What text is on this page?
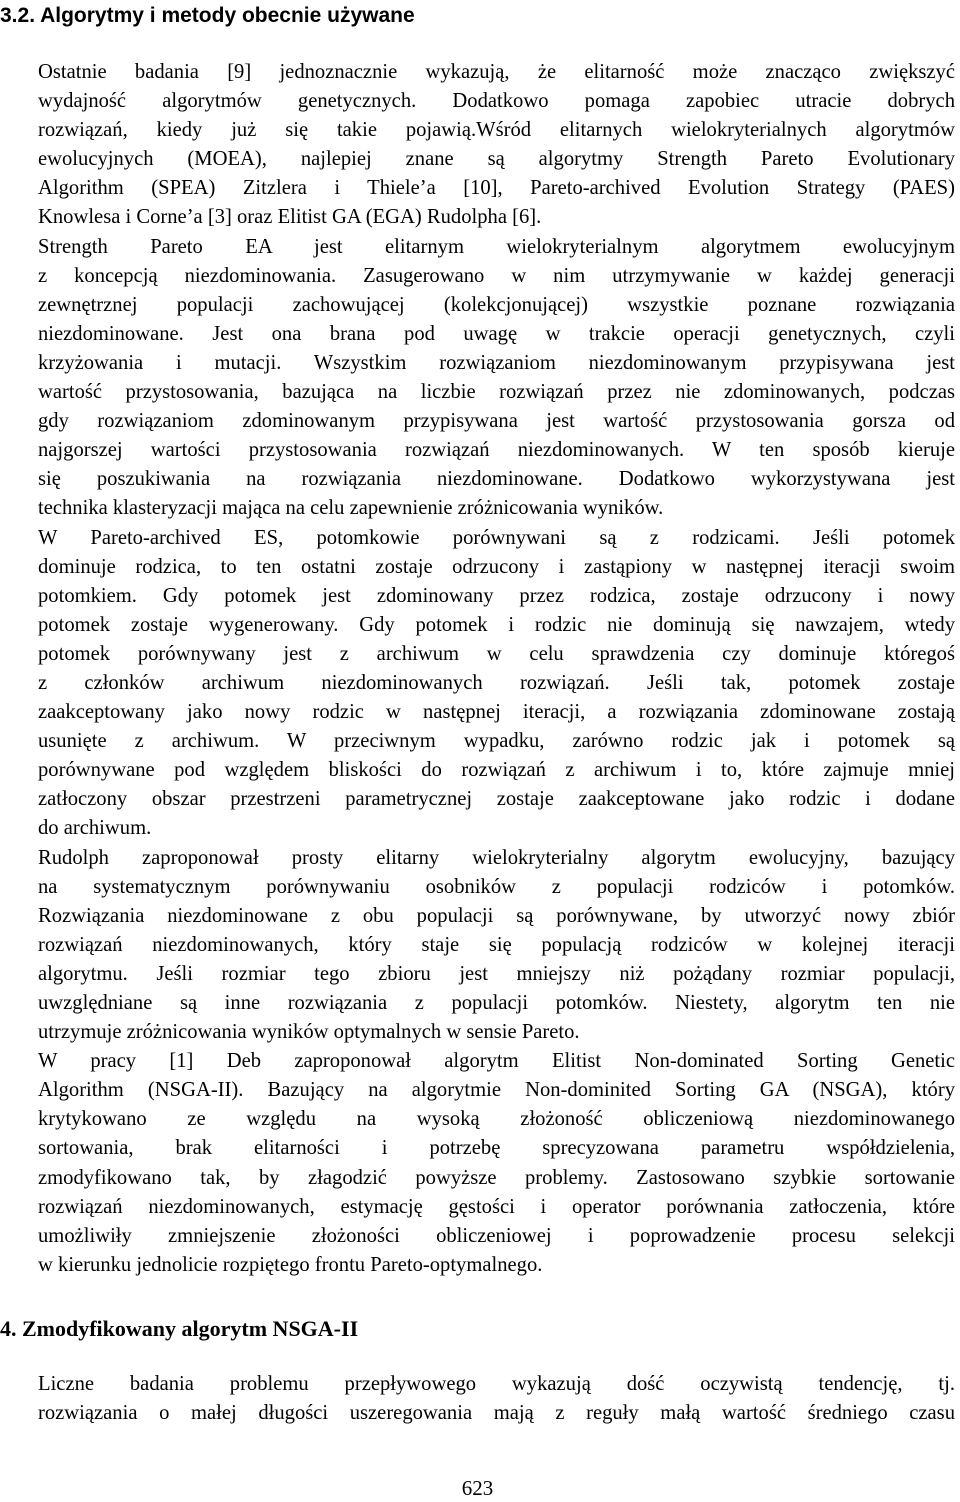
3.2. Algorytmy i metody obecnie używane

Ostatnie badania [9] jednoznacznie wykazują, że elitarność może znacząco zwiększyć
wydajność algorytmów genetycznych. Dodatkowo pomaga zapobiec utracie dobrych
rozwiązań, kiedy już się takie pojawią.Wśród elitarnych wielokryterialnych algorytmów
ewolucyjnych (MOEA), najlepiej znane są algorytmy Strength Pareto Evolutionary
Algorithm (SPEA) Zitzlera i Thiele’a [10], Pareto-archived Evolution Strategy (PAES)
Knowlesa i Corne’a [3] oraz Elitist GA (EGA) Rudolpha [6].

Strength Pareto EA jest elitarnym wielokryterialnym algorytmem ewolucyjnym
z koncepcją niezdominowania. Zasugerowano w nim utrzymywanie w każdej generacji
zewnętrznej populacji zachowującej (kolekcjonującej) wszystkie poznane rozwiązania
niezdominowane. Jest ona brana pod uwagę w trakcie operacji genetycznych, czyli
krzyżowania i mutacji. Wszystkim rozwiązaniom niezdominowanym przypisywana jest
wartość przystosowania, bazująca na liczbie rozwiązań przez nie zdominowanych, podczas
gdy rozwiązaniom zdominowanym przypisywana jest wartość przystosowania gorsza od
najgorszej wartości przystosowania rozwiązań niezdominowanych. W ten sposób kieruje
się poszukiwania na rozwiązania niezdominowane. Dodatkowo wykorzystywana jest
technika klasteryzacji mająca na celu zapewnienie zróżnicowania wyników.

W Pareto-archived ES, potomkowie porównywani są z rodzicami. Jeśli potomek
dominuje rodzica, to ten ostatni zostaje odrzucony i zastąpiony w następnej iteracji swoim
potomkiem. Gdy potomek jest zdominowany przez rodzica, zostaje odrzucony i nowy
potomek zostaje wygenerowany. Gdy potomek i rodzic nie dominują się nawzajem, wtedy
potomek porównywany jest z archiwum w celu sprawdzenia czy dominuje któregoś
z członków archiwum niezdominowanych rozwiązań. Jeśli tak, potomek zostaje
zaakceptowany jako nowy rodzic w następnej iteracji, a rozwiązania zdominowane zostają
usunięte z archiwum. W przeciwnym wypadku, zarówno rodzic jak i potomek są
porównywane pod względem bliskości do rozwiązań z archiwum i to, które zajmuje mniej
zatłoczony obszar przestrzeni parametrycznej zostaje zaakceptowane jako rodzic i dodane
do archiwum.

Rudolph zaproponował prosty elitarny wielokryterialny algorytm ewolucyjny, bazujący
na systematycznym porównywaniu osobników z populacji rodziców i potomków.
Rozwiązania niezdominowane z obu populacji są porównywane, by utworzyć nowy zbiór
rozwiązań niezdominowanych, który staje się populacją rodziców w kolejnej iteracji
algorytmu. Jeśli rozmiar tego zbioru jest mniejszy niż pożądany rozmiar populacji,
uwzględniane są inne rozwiązania z populacji potomków. Niestety, algorytm ten nie
utrzymuje zróżnicowania wyników optymalnych w sensie Pareto.

W pracy [1] Deb zaproponował algorytm Elitist Non-dominated Sorting Genetic
Algorithm (NSGA-II). Bazujący na algorytmie Non-dominited Sorting GA (NSGA), który
krytykowano ze względu na wysoką złożoność obliczeniową niezdominowanego
sortowania, brak elitarności i potrzebę sprecyzowana parametru współdzielenia,
zmodyfikowano tak, by złagodzić powyższe problemy. Zastosowano szybkie sortowanie
rozwiązań niezdominowanych, estymację gęstości i operator porównania zatłoczenia, które
umożliwiły zmniejszenie złożoności obliczeniowej i poprowadzenie procesu selekcji
w kierunku jednolicie rozpiętego frontu Pareto-optymalnego.

4. Zmodyfikowany algorytm NSGA-II

Liczne badania problemu przepływowego wykazują dość oczywistą tendencję, tj.
rozwiązania o małej długości uszeregowania mają z reguły małą wartość średniego czasu

623
